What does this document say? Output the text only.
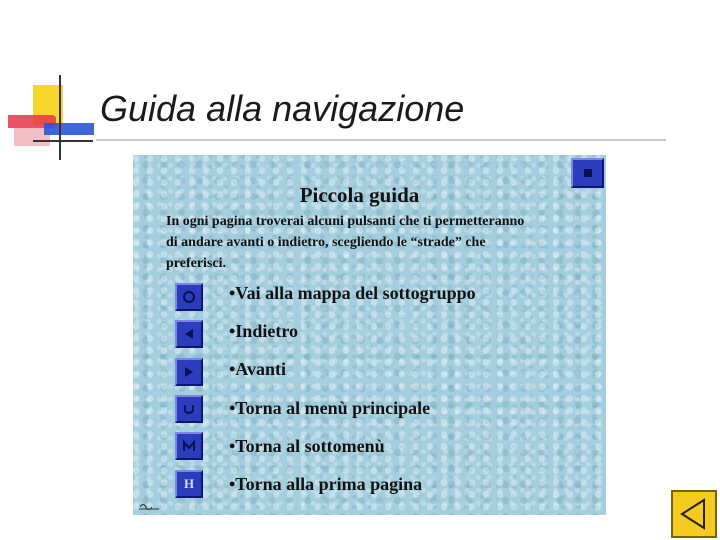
Guida alla navigazione
Piccola guida
In ogni pagina troverai alcuni pulsanti che ti permetteranno
di andare avanti o indietro, scegliendo le “strade” che
preferisci.
•Vai alla mappa del sottogruppo
•Indietro
•Avanti
•Torna al menù principale
•Torna al sottomenù
H •Torna alla prima pagina
